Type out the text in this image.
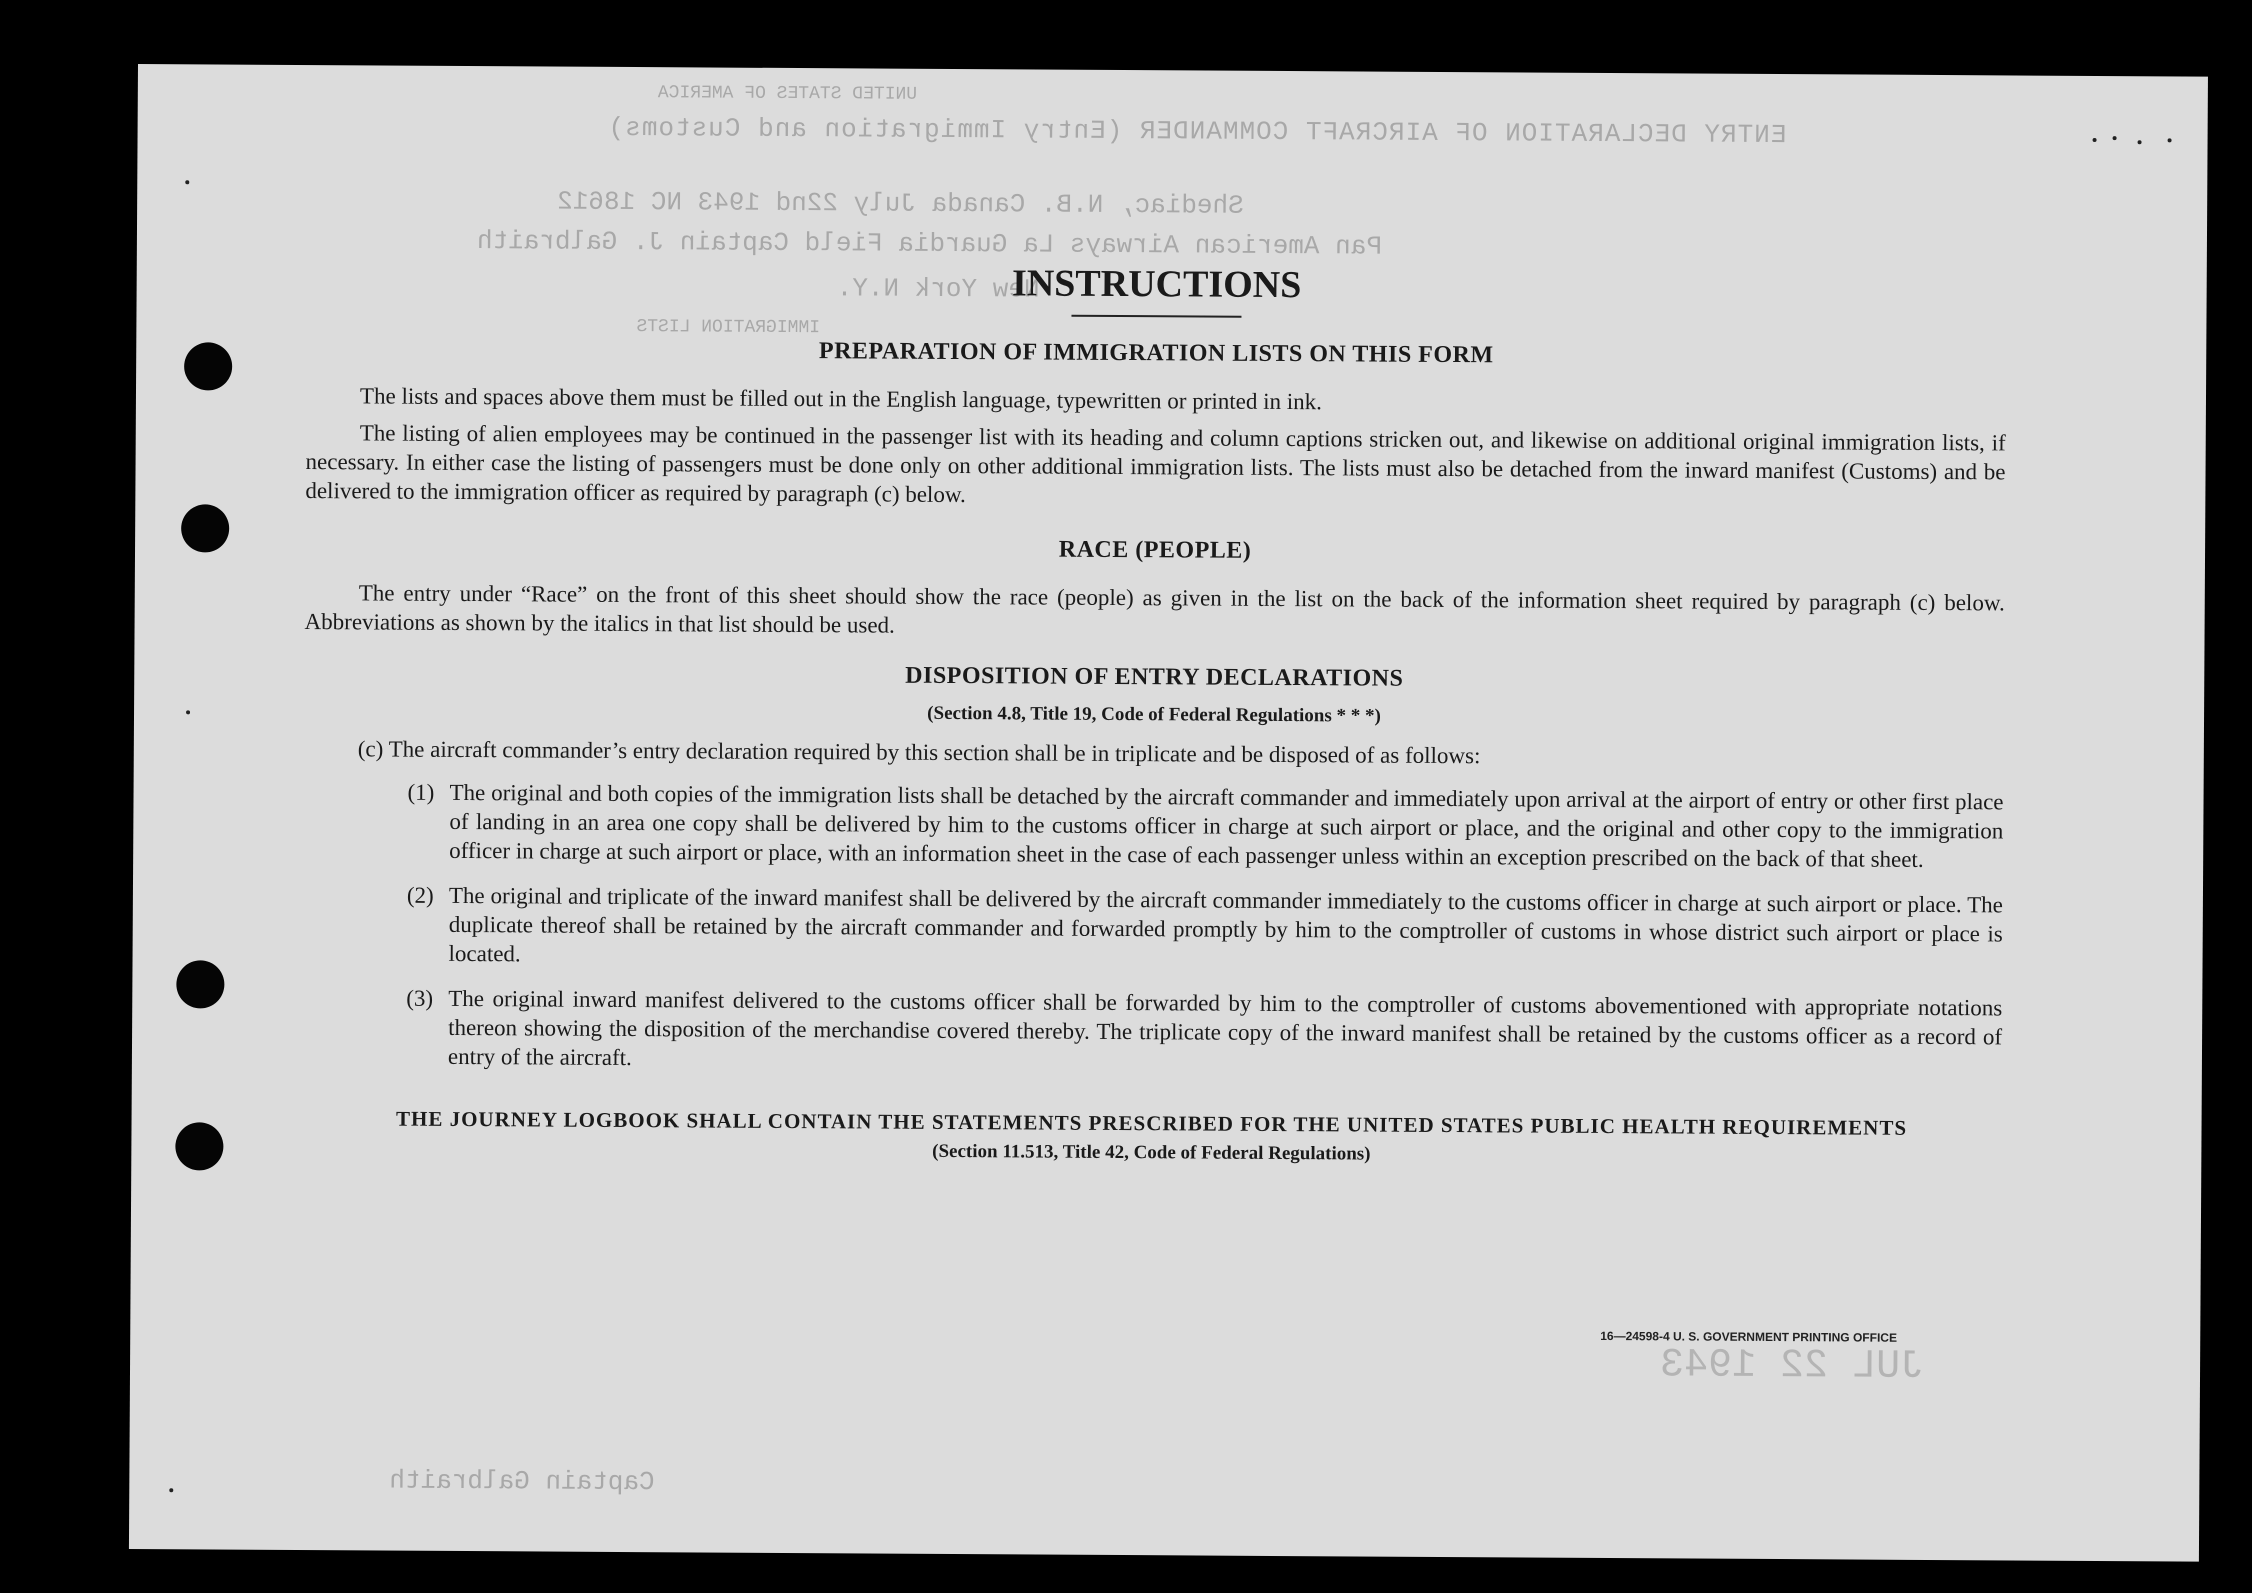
UNITED STATES OF AMERICA
ENTRY DECLARATION OF AIRCRAFT COMMANDER (Entry Immigration and Customs)
Shediac, N.B. Canada July 22nd 1943 NC 18612
Pan American Airways La Guardia Field Captain J. Galbraith
New York N.Y.
IMMIGRATION LISTS
JUL 22 1943
Captain Galbraith
INSTRUCTIONS
PREPARATION OF IMMIGRATION LISTS ON THIS FORM

The lists and spaces above them must be filled out in the English language, typewritten or printed in ink.

The listing of alien employees may be continued in the passenger list with its heading and column captions stricken out, and likewise on additional original immigration lists, if necessary. In either case the listing of passengers must be done only on other additional immigration lists. The lists must also be detached from the inward manifest (Customs) and be delivered to the immigration officer as required by paragraph (c) below.

RACE (PEOPLE)

The entry under “Race” on the front of this sheet should show the race (people) as given in the list on the back of the information sheet required by paragraph (c) below. Abbreviations as shown by the italics in that list should be used.

DISPOSITION OF ENTRY DECLARATIONS
(Section 4.8, Title 19, Code of Federal Regulations * * *)
(c) The aircraft commander’s entry declaration required by this section shall be in triplicate and be disposed of as follows:
(1) The original and both copies of the immigration lists shall be detached by the aircraft commander and immediately upon arrival at the airport of entry or other first place of landing in an area one copy shall be delivered by him to the customs officer in charge at such airport or place, and the original and other copy to the immigration officer in charge at such airport or place, with an information sheet in the case of each passenger unless within an exception prescribed on the back of that sheet.
(2) The original and triplicate of the inward manifest shall be delivered by the aircraft commander immediately to the customs officer in charge at such airport or place. The duplicate thereof shall be retained by the aircraft commander and forwarded promptly by him to the comptroller of customs in whose district such airport or place is located.
(3) The original inward manifest delivered to the customs officer shall be forwarded by him to the comptroller of customs abovementioned with appropriate notations thereon showing the disposition of the merchandise covered thereby. The triplicate copy of the inward manifest shall be retained by the customs officer as a record of entry of the aircraft.
THE JOURNEY LOGBOOK SHALL CONTAIN THE STATEMENTS PRESCRIBED FOR THE UNITED STATES PUBLIC HEALTH REQUIREMENTS
(Section 11.513, Title 42, Code of Federal Regulations)
16—24598-4 U. S. GOVERNMENT PRINTING OFFICE
